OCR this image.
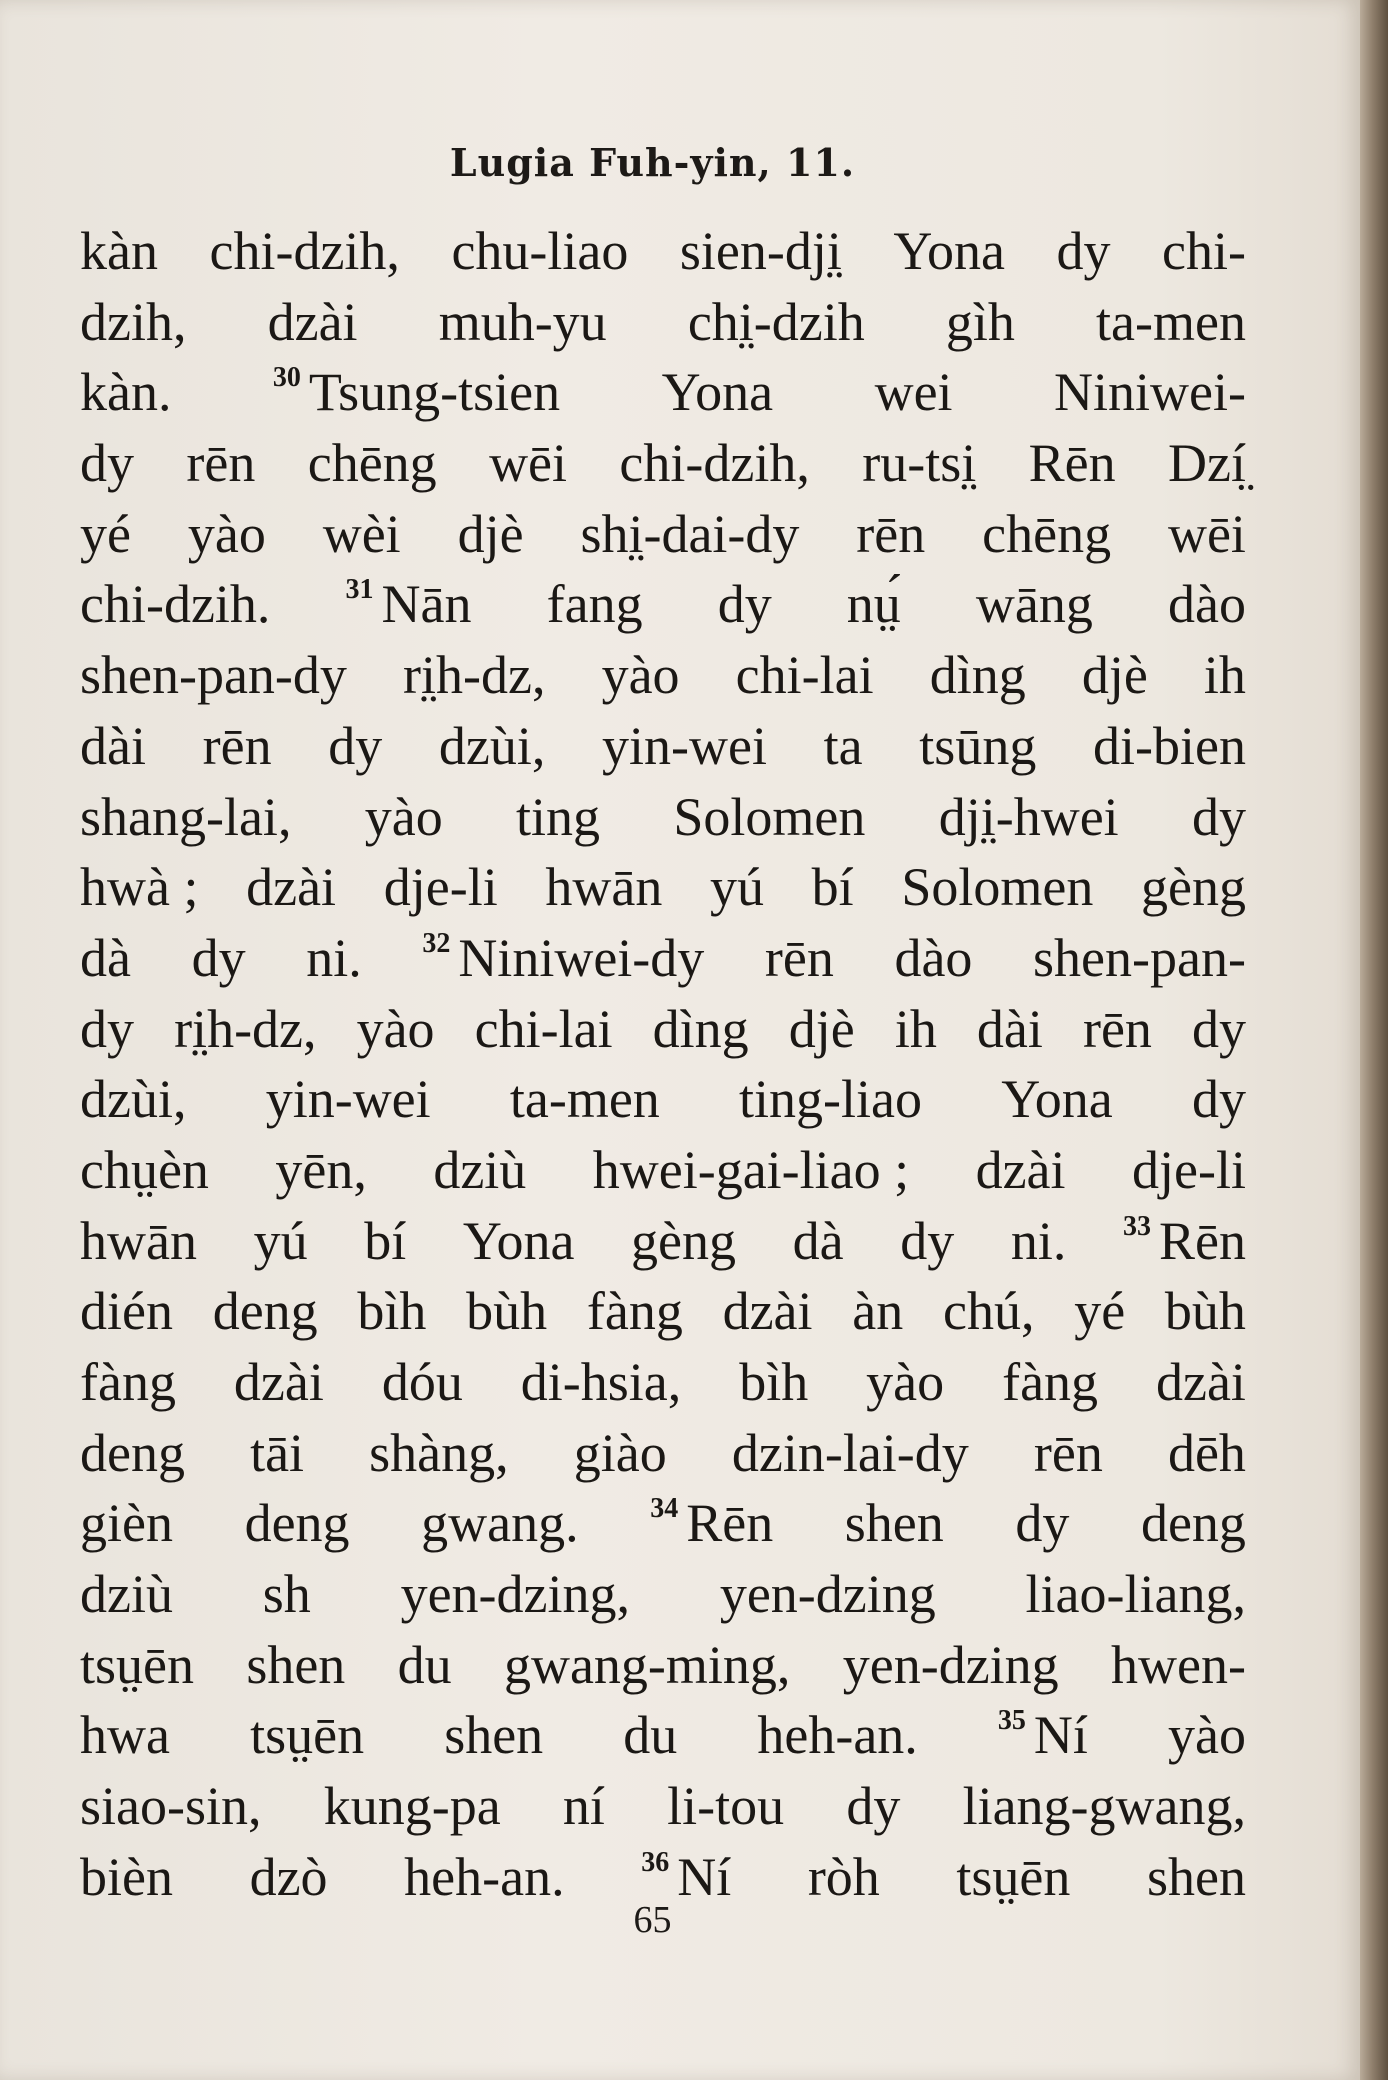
Lugia Fuh-yin, 11.
kàn chi-dzih, chu-liao sien-dji̤ Yona dy chi-
dzih, dzài muh-yu chi̤-dzih gìh ta-men
kàn.	30 Tsung-tsien Yona wei Niniwei-
dy rēn chēng wēi chi-dzih, ru-tsi̤ Rēn Dzí̤
yé yào wèi djè shi̤-dai-dy rēn chēng wēi
chi-dzih.	31 Nān fang dy nṳ́ wāng dào
shen-pan-dy ri̤h-dz, yào chi-lai dìng djè ih
dài rēn dy dzùi, yin-wei ta tsūng di-bien
shang-lai, yào ting Solomen dji̤-hwei dy
hwà ; dzài dje-li hwān yú bí Solomen gèng
dà dy ni. 32 Niniwei-dy rēn dào shen-pan-
dy ri̤h-dz, yào chi-lai dìng djè ih dài rēn dy
dzùi, yin-wei ta-men ting-liao Yona dy
chṳèn yēn, dziù hwei-gai-liao ; dzài dje-li
hwān yú bí Yona gèng dà dy ni. 33 Rēn
dién deng bìh bùh fàng dzài àn chú, yé bùh
fàng dzài dóu di-hsia, bìh yào fàng dzài
deng tāi shàng, giào dzin-lai-dy rēn dēh
gièn deng gwang.	34 Rēn shen dy deng
dziù sh yen-dzing, yen-dzing liao-liang,
tsṳēn shen du gwang-ming, yen-dzing hwen-
hwa tsṳēn shen du heh-an.	35 Ní yào
siao-sin, kung-pa ní li-tou dy liang-gwang,
bièn dzò heh-an.	36 Ní ròh tsṳēn shen
65
